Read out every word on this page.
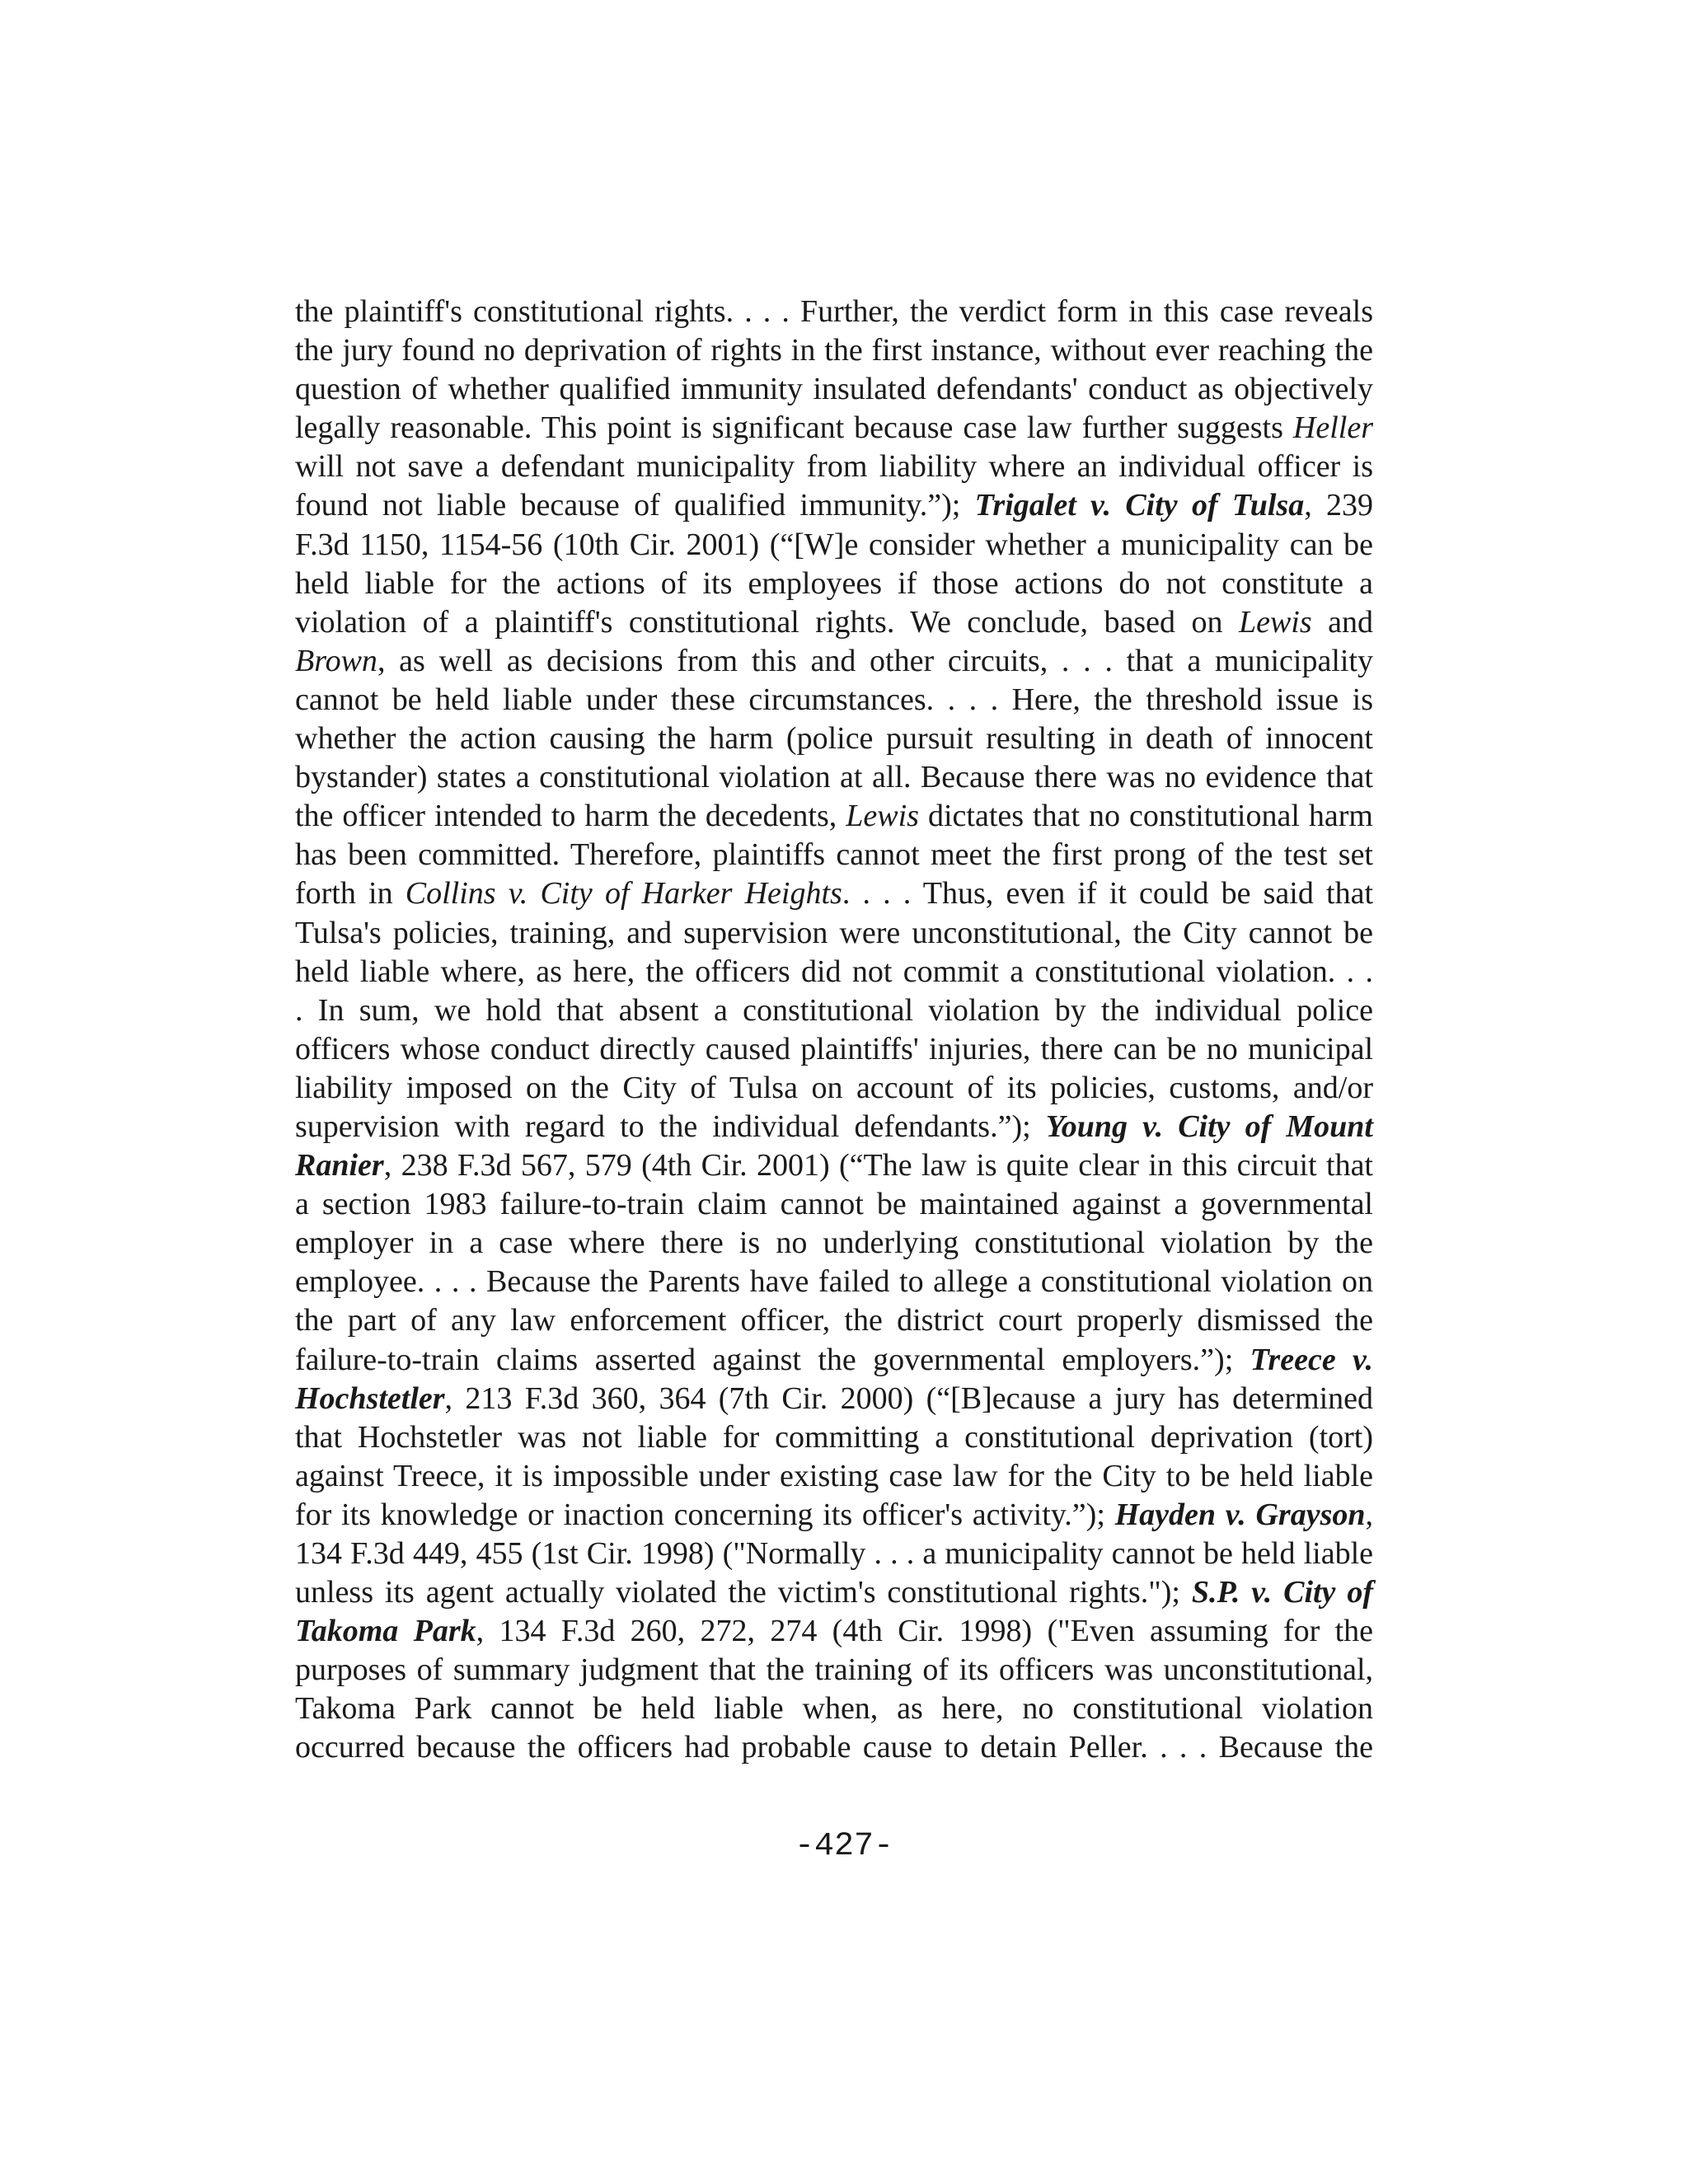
the plaintiff's constitutional rights. . . . Further, the verdict form in this case reveals

the jury found no deprivation of rights in the first instance, without ever reaching the

question of whether qualified immunity insulated defendants' conduct as objectively

legally reasonable. This point is significant because case law further suggests Heller

will not save a defendant municipality from liability where an individual officer is

found not liable because of qualified immunity.”); Trigalet v. City of Tulsa, 239

F.3d 1150, 1154-56 (10th Cir. 2001) (“[W]e consider whether a municipality can be

held liable for the actions of its employees if those actions do not constitute a

violation of a plaintiff's constitutional rights. We conclude, based on Lewis and

Brown, as well as decisions from this and other circuits, . . . that a municipality

cannot be held liable under these circumstances. . . . Here, the threshold issue is

whether the action causing the harm (police pursuit resulting in death of innocent

bystander) states a constitutional violation at all. Because there was no evidence that

the officer intended to harm the decedents, Lewis dictates that no constitutional harm

has been committed. Therefore, plaintiffs cannot meet the first prong of the test set

forth in Collins v. City of Harker Heights. . . . Thus, even if it could be said that

Tulsa's policies, training, and supervision were unconstitutional, the City cannot be

held liable where, as here, the officers did not commit a constitutional violation. . .

. In sum, we hold that absent a constitutional violation by the individual police

officers whose conduct directly caused plaintiffs' injuries, there can be no municipal

liability imposed on the City of Tulsa on account of its policies, customs, and/or

supervision with regard to the individual defendants.”); Young v. City of Mount

Ranier, 238 F.3d 567, 579 (4th Cir. 2001) (“The law is quite clear in this circuit that

a section 1983 failure-to-train claim cannot be maintained against a governmental

employer in a case where there is no underlying constitutional violation by the

employee. . . . Because the Parents have failed to allege a constitutional violation on

the part of any law enforcement officer, the district court properly dismissed the

failure-to-train claims asserted against the governmental employers.”); Treece v.

Hochstetler, 213 F.3d 360, 364 (7th Cir. 2000) (“[B]ecause a jury has determined

that Hochstetler was not liable for committing a constitutional deprivation (tort)

against Treece, it is impossible under existing case law for the City to be held liable

for its knowledge or inaction concerning its officer's activity.”); Hayden v. Grayson,

134 F.3d 449, 455 (1st Cir. 1998) ("Normally . . . a municipality cannot be held liable

unless its agent actually violated the victim's constitutional rights."); S.P. v. City of

Takoma Park, 134 F.3d 260, 272, 274 (4th Cir. 1998) ("Even assuming for the

purposes of summary judgment that the training of its officers was unconstitutional,

Takoma Park cannot be held liable when, as here, no constitutional violation

occurred because the officers had probable cause to detain Peller. . . . Because the

-427-
